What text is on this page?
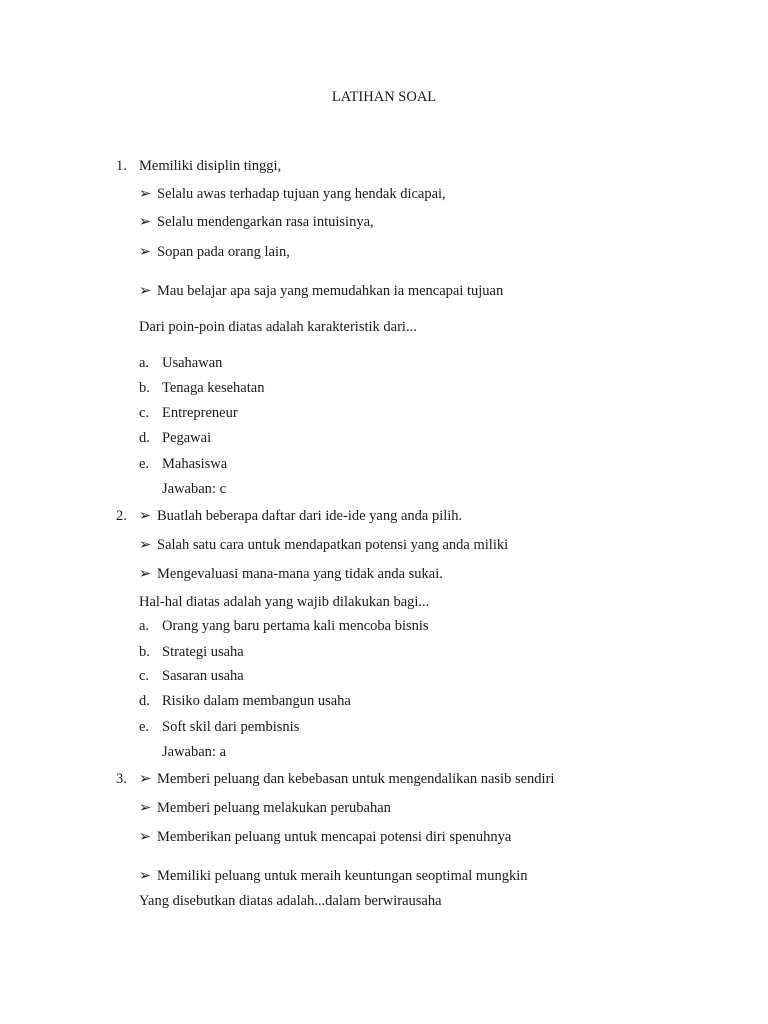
LATIHAN SOAL
1. Memiliki disiplin tinggi,
➢ Selalu awas terhadap tujuan yang hendak dicapai,
➢ Selalu mendengarkan rasa intuisinya,
➢ Sopan pada orang lain,
➢ Mau belajar apa saja yang memudahkan ia mencapai tujuan
Dari poin-poin diatas adalah karakteristik dari...
a. Usahawan
b. Tenaga kesehatan
c. Entrepreneur
d. Pegawai
e. Mahasiswa
Jawaban: c
2. ➢ Buatlah beberapa daftar dari ide-ide yang anda pilih.
➢ Salah satu cara untuk mendapatkan potensi yang anda miliki
➢ Mengevaluasi mana-mana yang tidak anda sukai.
Hal-hal diatas adalah yang wajib dilakukan bagi...
a. Orang yang baru pertama kali mencoba bisnis
b. Strategi usaha
c. Sasaran usaha
d. Risiko dalam membangun usaha
e. Soft skil dari pembisnis
Jawaban: a
3. ➢ Memberi peluang dan kebebasan untuk mengendalikan nasib sendiri
➢ Memberi peluang melakukan perubahan
➢ Memberikan peluang untuk mencapai potensi diri spenuhnya
➢ Memiliki peluang untuk meraih keuntungan seoptimal mungkin
Yang disebutkan diatas adalah...dalam berwirausaha
